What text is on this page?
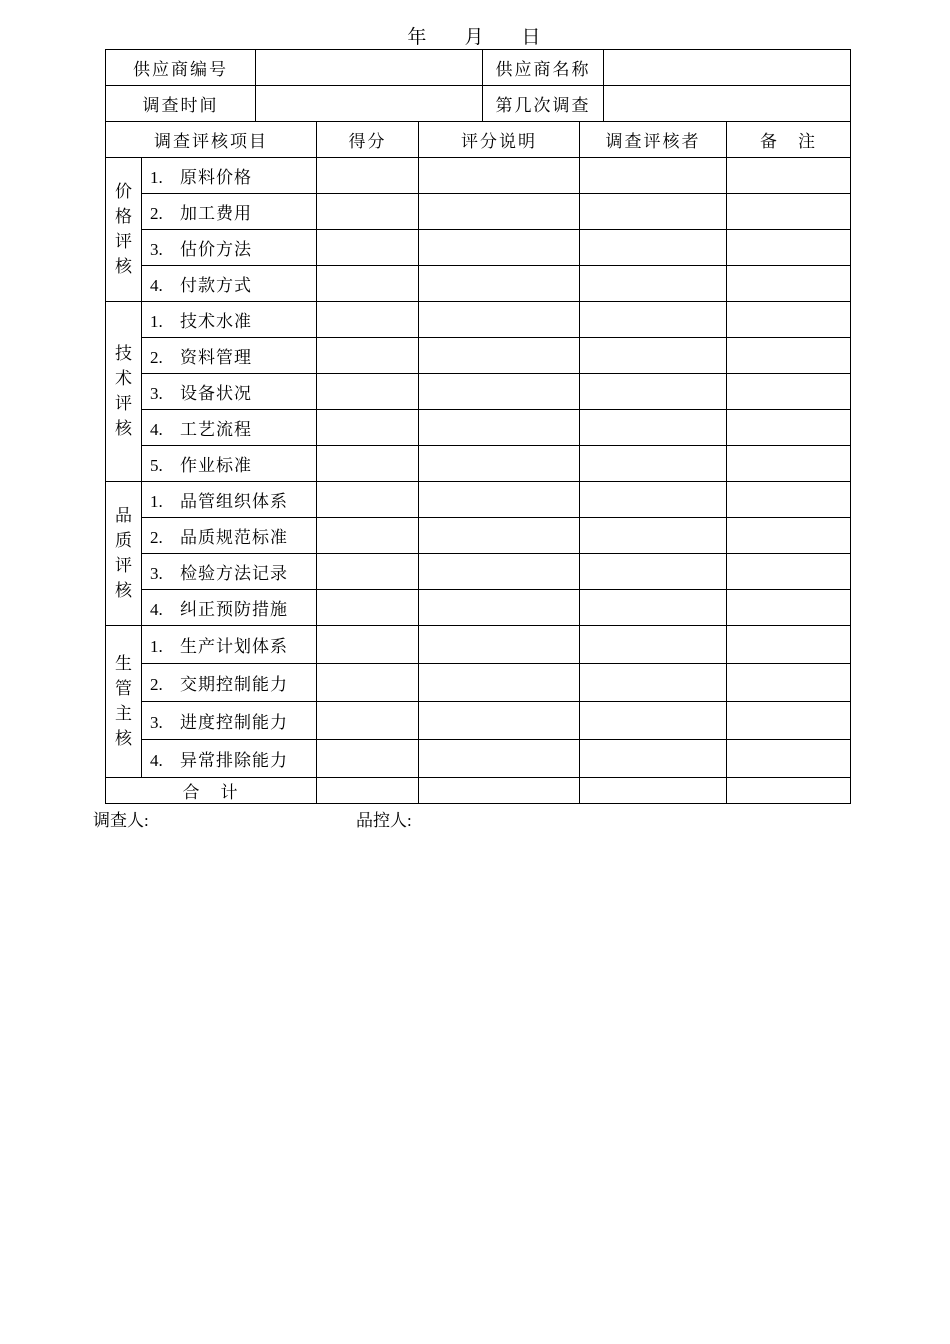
年 月 日
供应商编号					供应商名称			
调查时间					第几次调查			
调查评核项目			得分	评分说明		调查评核者		备　注

价
格
评
核	1. 原料价格							
	2. 加工费用							
	3. 估价方法							
	4. 付款方式							

技
术
评
核	1. 技术水准							
	2. 资料管理							
	3. 设备状况							
	4. 工艺流程							
	5. 作业标准							

品
质
评
核	1. 品管组织体系							
	2. 品质规范标准							
	3. 检验方法记录							
	4. 纠正预防措施							

生
管
主
核	1. 生产计划体系							
	2. 交期控制能力							
	3. 进度控制能力							
	4. 异常排除能力							
合　计								
调查人:	品控人:
